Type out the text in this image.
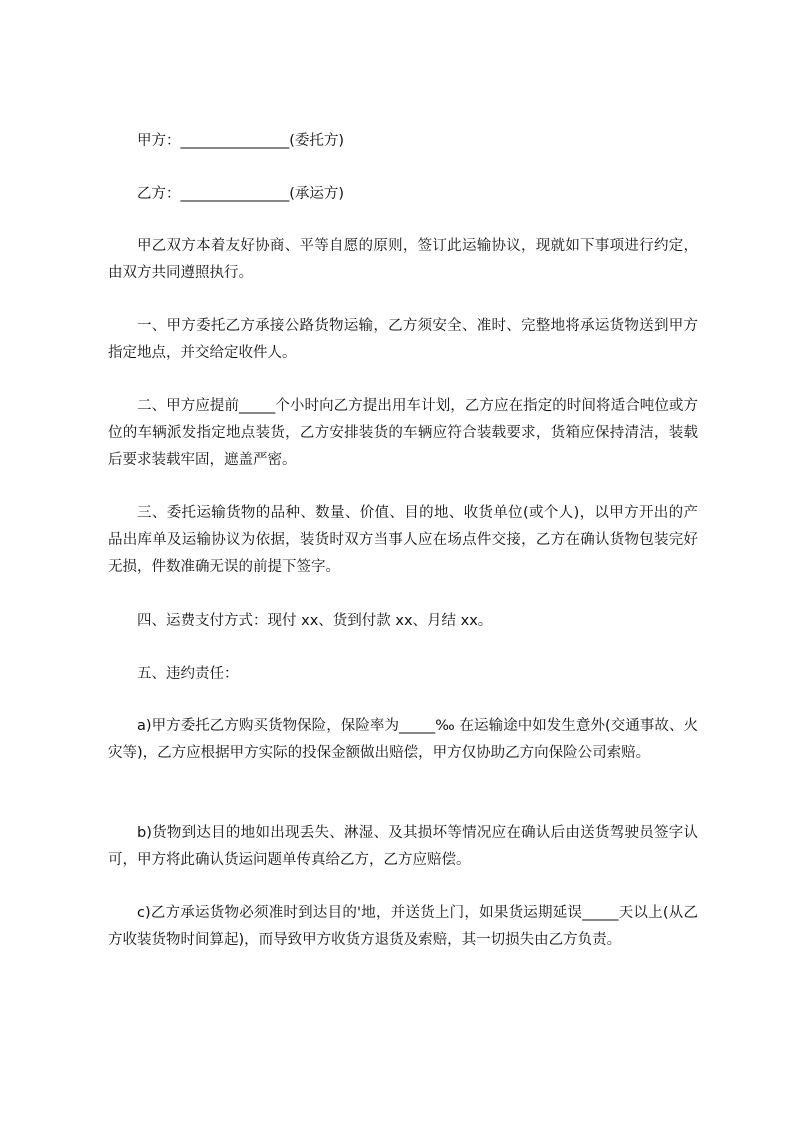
甲方：_______________(委托方)

乙方：_______________(承运方)

甲乙双方本着友好协商、平等自愿的原则，签订此运输协议，现就如下事项进行约定，由双方共同遵照执行。

一、甲方委托乙方承接公路货物运输，乙方须安全、准时、完整地将承运货物送到甲方指定地点，并交给定收件人。

二、甲方应提前_____个小时向乙方提出用车计划，乙方应在指定的时间将适合吨位或方位的车辆派发指定地点装货，乙方安排装货的车辆应符合装载要求，货箱应保持清洁，装载后要求装载牢固，遮盖严密。

三、委托运输货物的品种、数量、价值、目的地、收货单位(或个人)，以甲方开出的产品出库单及运输协议为依据，装货时双方当事人应在场点件交接，乙方在确认货物包装完好无损，件数准确无误的前提下签字。

四、运费支付方式：现付 xx、货到付款 xx、月结 xx。

五、违约责任：

a)甲方委托乙方购买货物保险，保险率为_____‰ 在运输途中如发生意外(交通事故、火灾等)，乙方应根据甲方实际的投保金额做出赔偿，甲方仅协助乙方向保险公司索赔。

b)货物到达目的地如出现丢失、淋湿、及其损坏等情况应在确认后由送货驾驶员签字认可，甲方将此确认货运问题单传真给乙方，乙方应赔偿。

c)乙方承运货物必须准时到达目的'地，并送货上门，如果货运期延误_____天以上(从乙方收装货物时间算起)，而导致甲方收货方退货及索赔，其一切损失由乙方负责。
